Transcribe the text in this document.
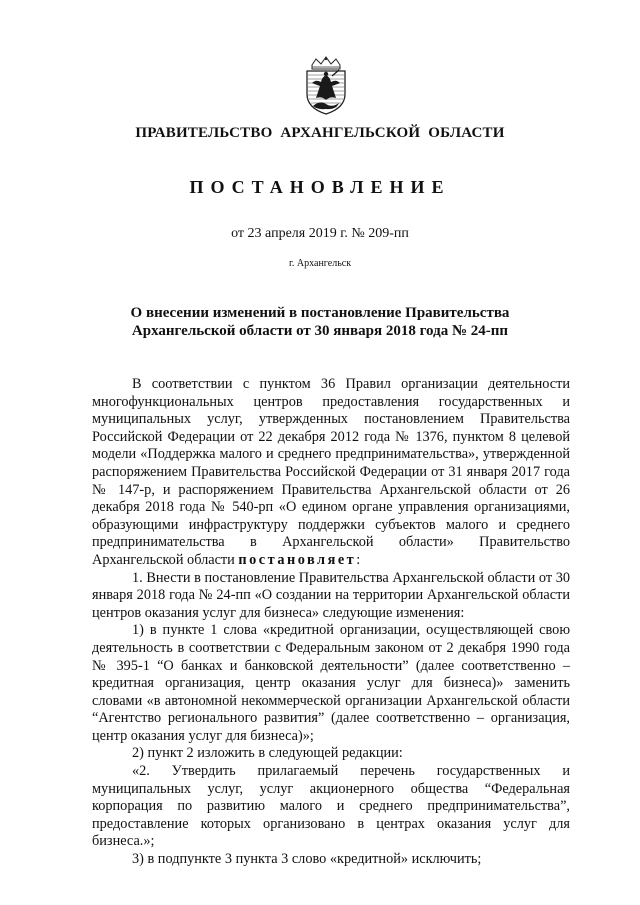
ПРАВИТЕЛЬСТВО АРХАНГЕЛЬСКОЙ ОБЛАСТИ
ПОСТАНОВЛЕНИЕ
от 23 апреля 2019 г. № 209-пп
г. Архангельск
О внесении изменений в постановление Правительства
Архангельской области от 30 января 2018 года № 24-пп

В соответствии с пунктом 36 Правил организации деятельности многофункциональных центров предоставления государственных и муниципальных услуг, утвержденных постановлением Правительства Российской Федерации от 22 декабря 2012 года № 1376, пунктом 8 целевой модели «Поддержка малого и среднего предпринимательства», утвержденной распоряжением Правительства Российской Федерации от 31 января 2017 года № 147-р, и распоряжением Правительства Архангельской области от 26 декабря 2018 года № 540-рп «О едином органе управления организациями, образующими инфраструктуру поддержки субъектов малого и среднего предпринимательства в Архангельской области» Правительство Архангельской области постановляет:

1. Внести в постановление Правительства Архангельской области от 30 января 2018 года № 24-пп «О создании на территории Архангельской области центров оказания услуг для бизнеса» следующие изменения:

1) в пункте 1 слова «кредитной организации, осуществляющей свою деятельность в соответствии с Федеральным законом от 2 декабря 1990 года № 395-1 “О банках и банковской деятельности” (далее соответственно – кредитная организация, центр оказания услуг для бизнеса)» заменить словами «в автономной некоммерческой организации Архангельской области “Агентство регионального развития” (далее соответственно – организация, центр оказания услуг для бизнеса)»;

2) пункт 2 изложить в следующей редакции:

«2. Утвердить прилагаемый перечень государственных и муниципальных услуг, услуг акционерного общества “Федеральная корпорация по развитию малого и среднего предпринимательства”, предоставление которых организовано в центрах оказания услуг для бизнеса.»;

3) в подпункте 3 пункта 3 слово «кредитной» исключить;
